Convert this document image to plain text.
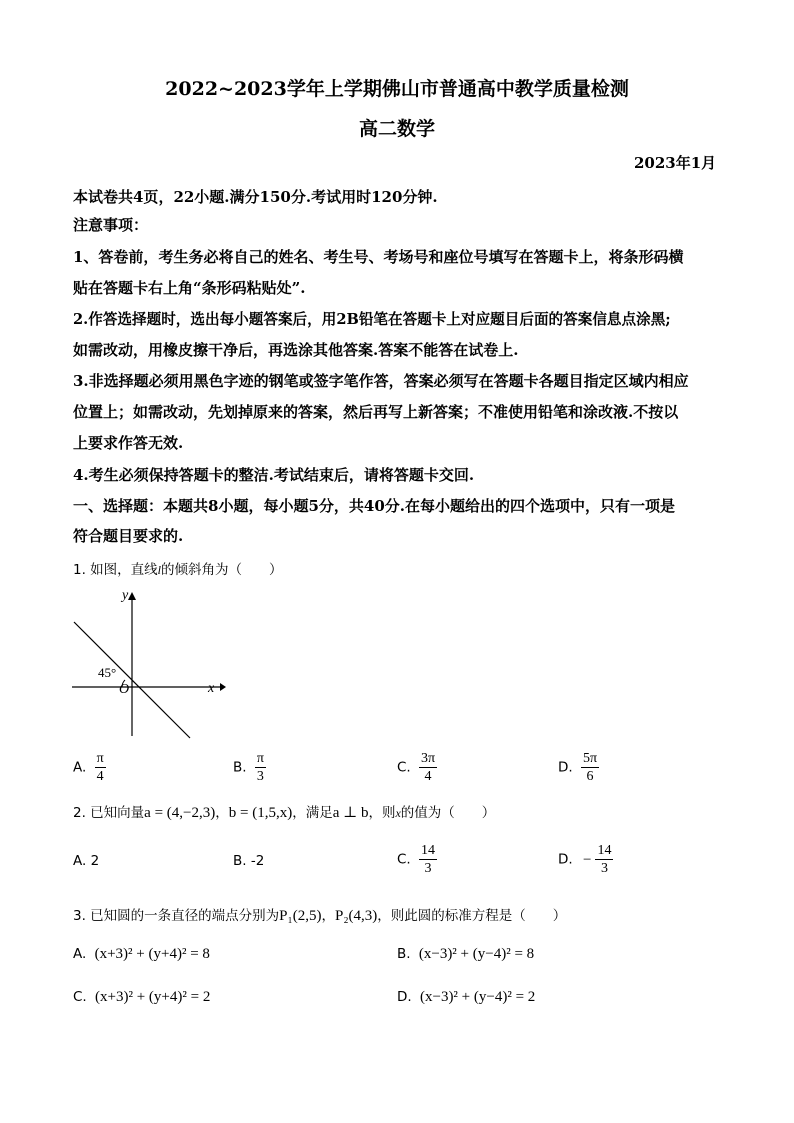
2022~2023学年上学期佛山市普通高中教学质量检测
高二数学
2023年1月
本试卷共4页，22小题.满分150分.考试用时120分钟.
注意事项：
1、答卷前，考生务必将自己的姓名、考生号、考场号和座位号填写在答题卡上，将条形码横
贴在答题卡右上角“条形码粘贴处”.
2.作答选择题时，选出每小题答案后，用2B铅笔在答题卡上对应题目后面的答案信息点涂黑;
如需改动，用橡皮擦干净后，再选涂其他答案.答案不能答在试卷上.
3.非选择题必须用黑色字迹的钢笔或签字笔作答，答案必须写在答题卡各题目指定区域内相应
位置上；如需改动，先划掉原来的答案，然后再写上新答案；不准使用铅笔和涂改液.不按以
上要求作答无效.
4.考生必须保持答题卡的整洁.考试结束后，请将答题卡交回.
一、选择题：本题共8小题，每小题5分，共40分.在每小题给出的四个选项中，只有一项是
符合题目要求的.
1. 如图，直线l的倾斜角为（　　）
45°
O	x
y
A. $\frac{\pi}{4}$	B. $\frac{\pi}{3}$	C. $\frac{3\pi}{4}$	D. $\frac{5\pi}{6}$
2. 已知向量a = (4,−2,3)，b = (1,5,x)，满足a ⊥ b，则x的值为（　　）
A. 2	B. -2	C. $\frac{14}{3}$	D. − $\frac{14}{3}$
3. 已知圆的一条直径的端点分别为P₁(2,5)，P₂(4,3)，则此圆的标准方程是（　　）
A. (x+3)² + (y+4)² = 8	B. (x−3)² + (y−4)² = 8
C. (x+3)² + (y+4)² = 2	D. (x−3)² + (y−4)² = 2
